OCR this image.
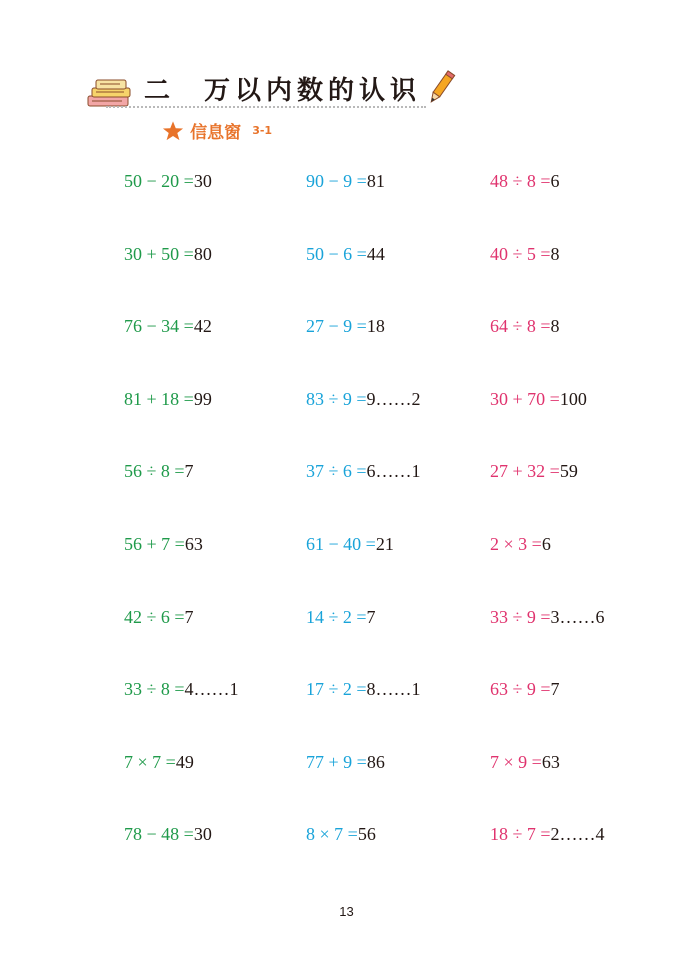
二 万以内数的认识
信息窗 3-1
50 − 20 =30
30 + 50 =80
76 − 34 =42
81 + 18 =99
56 ÷ 8 =7
56 + 7 =63
42 ÷ 6 =7
33 ÷ 8 =4……1
7 × 7 =49
78 − 48 =30
90 − 9 =81
50 − 6 =44
27 − 9 =18
83 ÷ 9 =9……2
37 ÷ 6 =6……1
61 − 40 =21
14 ÷ 2 =7
17 ÷ 2 =8……1
77 + 9 =86
8 × 7 =56
48 ÷ 8 =6
40 ÷ 5 =8
64 ÷ 8 =8
30 + 70 =100
27 + 32 =59
2 × 3 =6
33 ÷ 9 =3……6
63 ÷ 9 =7
7 × 9 =63
18 ÷ 7 =2……4
13
